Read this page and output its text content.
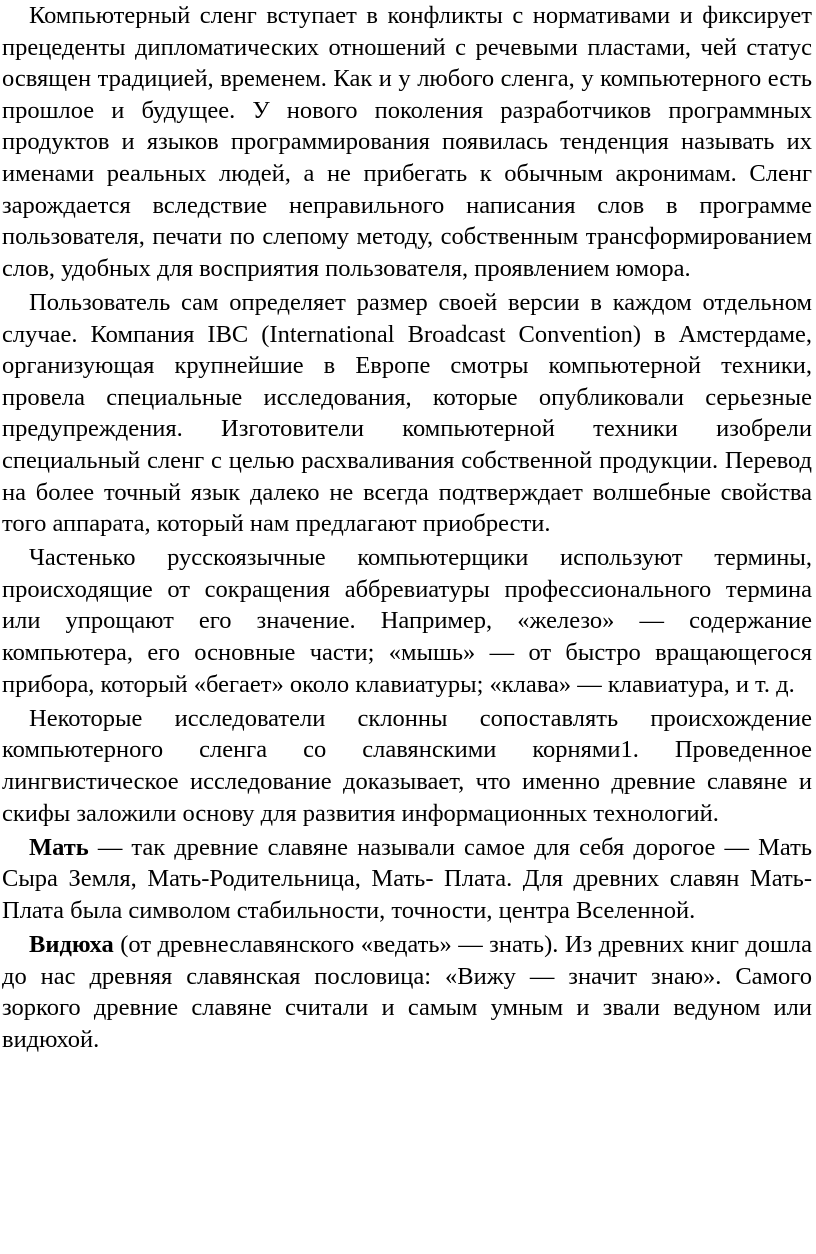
Компьютерный сленг вступает в конфликты с нормативами и фиксирует прецеденты дипломатических отношений с речевыми пластами, чей статус освящен традицией, временем. Как и у любого сленга, у компьютерного есть прошлое и будущее. У нового поколения разработчиков программных продуктов и языков программирования появилась тенденция называть их именами реальных людей, а не прибегать к обычным акронимам. Сленг зарождается вследствие неправильного написания слов в программе пользователя, печати по слепому методу, собственным трансформированием слов, удобных для восприятия пользователя, проявлением юмора.

Пользователь сам определяет размер своей версии в каждом отдельном случае. Компания IBC (International Broadcast Convention) в Амстердаме, организующая крупнейшие в Европе смотры компьютерной техники, провела специальные исследования, которые опубликовали серьезные предупреждения. Изготовители компьютерной техники изобрели специальный сленг с целью расхваливания собственной продукции. Перевод на более точный язык далеко не всегда подтверждает волшебные свойства того аппарата, который нам предлагают приобрести.

Частенько русскоязычные компьютерщики используют термины, происходящие от сокращения аббревиатуры профессионального термина или упрощают его значение. Например, «железо» — содержание компьютера, его основные части; «мышь» — от быстро вращающегося прибора, который «бегает» около клавиатуры; «клава» — клавиатура, и т. д.

Некоторые исследователи склонны сопоставлять происхождение компьютерного сленга со славянскими корнями1. Проведенное лингвистическое исследование доказывает, что именно древние славяне и скифы заложили основу для развития информационных технологий.

Мать — так древние славяне называли самое для себя дорогое — Мать Сыра Земля, Мать-Родительница, Мать- Плата. Для древних славян Мать-Плата была символом стабильности, точности, центра Вселенной.

Видюха (от древнеславянского «ведать» — знать). Из древних книг дошла до нас древняя славянская пословица: «Вижу — значит знаю». Самого зоркого древние славяне считали и самым умным и звали ведуном или видюхой.
